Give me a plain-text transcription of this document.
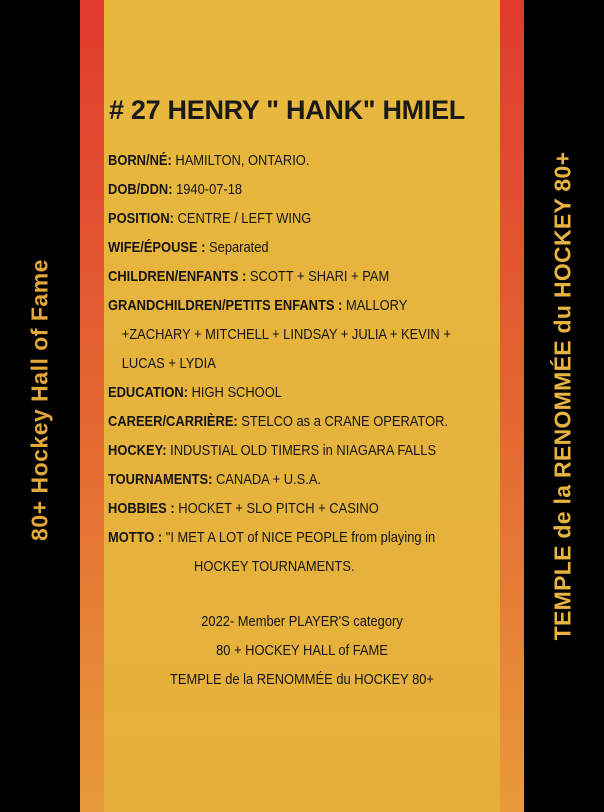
80+ Hockey Hall of Fame	TEMPLE de la RENOMMÉE du HOCKEY 80+
# 27 HENRY " HANK" HMIEL
BORN/NÉ: HAMILTON, ONTARIO.
DOB/DDN: 1940-07-18
POSITION: CENTRE / LEFT WING
WIFE/ÉPOUSE : Separated
CHILDREN/ENFANTS : SCOTT + SHARI + PAM
GRANDCHILDREN/PETITS ENFANTS : MALLORY
+ZACHARY + MITCHELL + LINDSAY + JULIA + KEVIN +
LUCAS + LYDIA
EDUCATION: HIGH SCHOOL
CAREER/CARRIÈRE: STELCO as a CRANE OPERATOR.
HOCKEY: INDUSTIAL OLD TIMERS in NIAGARA FALLS
TOURNAMENTS: CANADA + U.S.A.
HOBBIES : HOCKET + SLO PITCH + CASINO
MOTTO : "I MET A LOT of NICE PEOPLE from playing in
HOCKEY TOURNAMENTS.
2022- Member PLAYER'S category
80 + HOCKEY HALL of FAME
TEMPLE de la RENOMMÉE du HOCKEY 80+
